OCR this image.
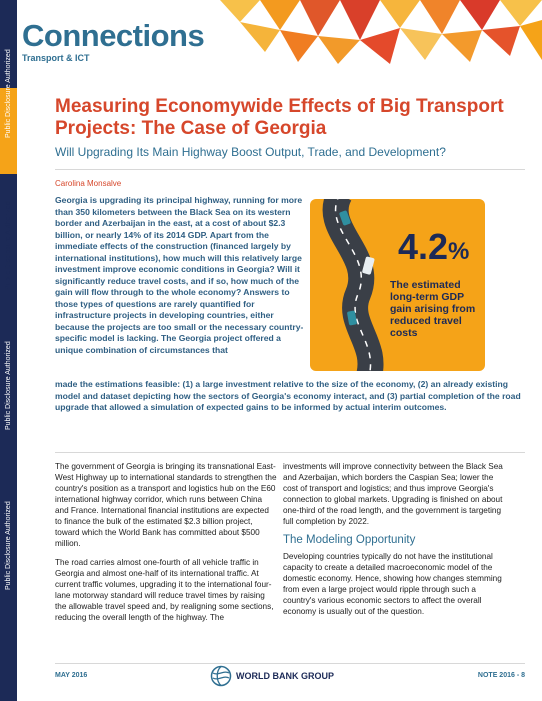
Public Disclosure Authorized
Public Disclosure Authorized
Public Disclosure Authorized
Public Disclosure Authorized
Connections
Transport & ICT
Measuring Economywide Effects of Big Transport Projects: The Case of Georgia
Will Upgrading Its Main Highway Boost Output, Trade, and Development?
Carolina Monsalve

Georgia is upgrading its principal highway, running for more than 350 kilometers between the Black Sea on its western border and Azerbaijan in the east, at a cost of about $2.3 billion, or nearly 14% of its 2014 GDP. Apart from the immediate effects of the construction (financed largely by international institutions), how much will this relatively large investment improve economic conditions in Georgia? Will it significantly reduce travel costs, and if so, how much of the gain will flow through to the whole economy? Answers to those types of questions are rarely quantified for infrastructure projects in developing countries, either because the projects are too small or the necessary country-specific model is lacking. The Georgia project offered a unique combination of circumstances that

made the estimations feasible: (1) a large investment relative to the size of the economy, (2) an already existing model and dataset depicting how the sectors of Georgia's economy interact, and (3) partial completion of the road upgrade that allowed a simulation of expected gains to be informed by actual interim outcomes.

4.2%
The estimated long-term GDP gain arising from reduced travel costs

The government of Georgia is bringing its transnational East-West Highway up to international standards to strengthen the country's position as a transport and logistics hub on the E60 international highway corridor, which runs between China and France. International financial institutions are expected to finance the bulk of the estimated $2.3 billion project, toward which the World Bank has committed about $500 million.

The road carries almost one-fourth of all vehicle traffic in Georgia and almost one-half of its international traffic. At current traffic volumes, upgrading it to the international four-lane motorway standard will reduce travel times by raising the allowable travel speed and, by realigning some sections, reducing the overall length of the highway. The

investments will improve connectivity between the Black Sea and Azerbaijan, which borders the Caspian Sea; lower the cost of transport and logistics; and thus improve Georgia's connection to global markets. Upgrading is finished on about one-third of the road length, and the government is targeting full completion by 2022.

The Modeling Opportunity

Developing countries typically do not have the institutional capacity to create a detailed macroeconomic model of the domestic economy. Hence, showing how changes stemming from even a large project would ripple through such a country's various economic sectors to affect the overall economy is usually out of the question.

MAY 2016	WORLD BANK GROUP	NOTE 2016 - 8
